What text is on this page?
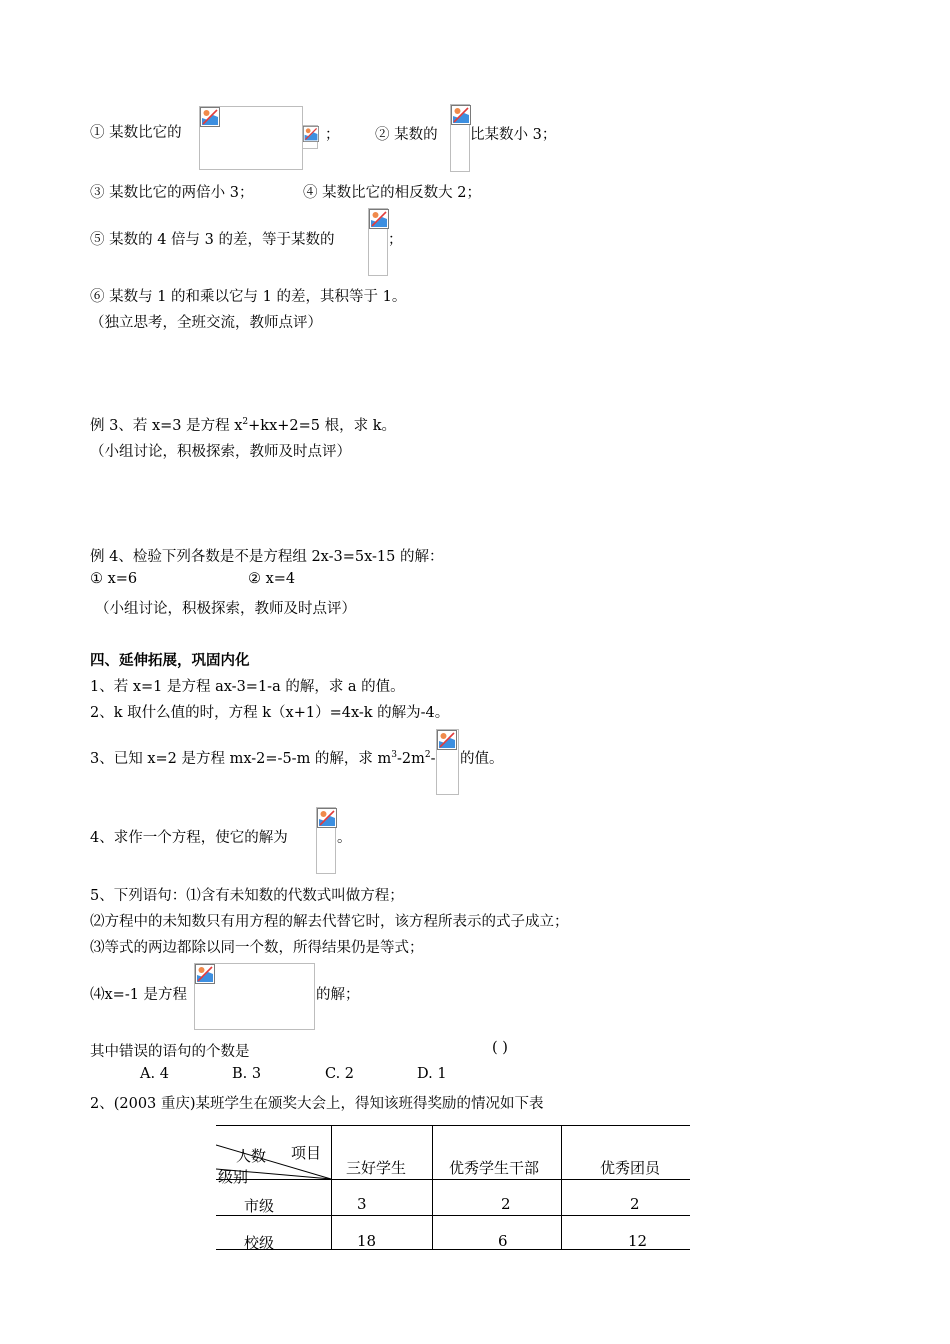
① 某数比它的	； ② 某数的 比某数小 3；
③ 某数比它的两倍小 3；	④ 某数比它的相反数大 2；
⑤ 某数的 4 倍与 3 的差，等于某数的	；
⑥ 某数与 1 的和乘以它与 1 的差，其积等于 1。
（独立思考，全班交流，教师点评）
例 3、若 x=3 是方程 $x^2+kx+2=5$ 根，求 k。
（小组讨论，积极探索，教师及时点评）
例 4、检验下列各数是不是方程组 2x-3=5x-15 的解：
① x=6	② x=4
（小组讨论，积极探索，教师及时点评）
四、延伸拓展，巩固内化
1、若 x=1 是方程 ax-3=1-a 的解，求 a 的值。
2、k 取什么值的时，方程 k（x+1）=4x-k 的解为-4。
3、已知 x=2 是方程 mx-2=-5-m 的解，求 $m^3-2m^2-$ 的值。
4、求作一个方程，使它的解为	。
5、下列语句：⑴含有未知数的代数式叫做方程；
⑵方程中的未知数只有用方程的解去代替它时，该方程所表示的式子成立；
⑶等式的两边都除以同一个数，所得结果仍是等式；
⑷x=-1 是方程	的解；
其中错误的语句的个数是	( )
A. 4	B. 3	C. 2	D. 1
2、(2003 重庆)某班学生在颁奖大会上，得知该班得奖励的情况如下表
项目
人数
级别	三好学生	优秀学生干部	优秀团员
市级	3	2	2
校级	18	6	12
